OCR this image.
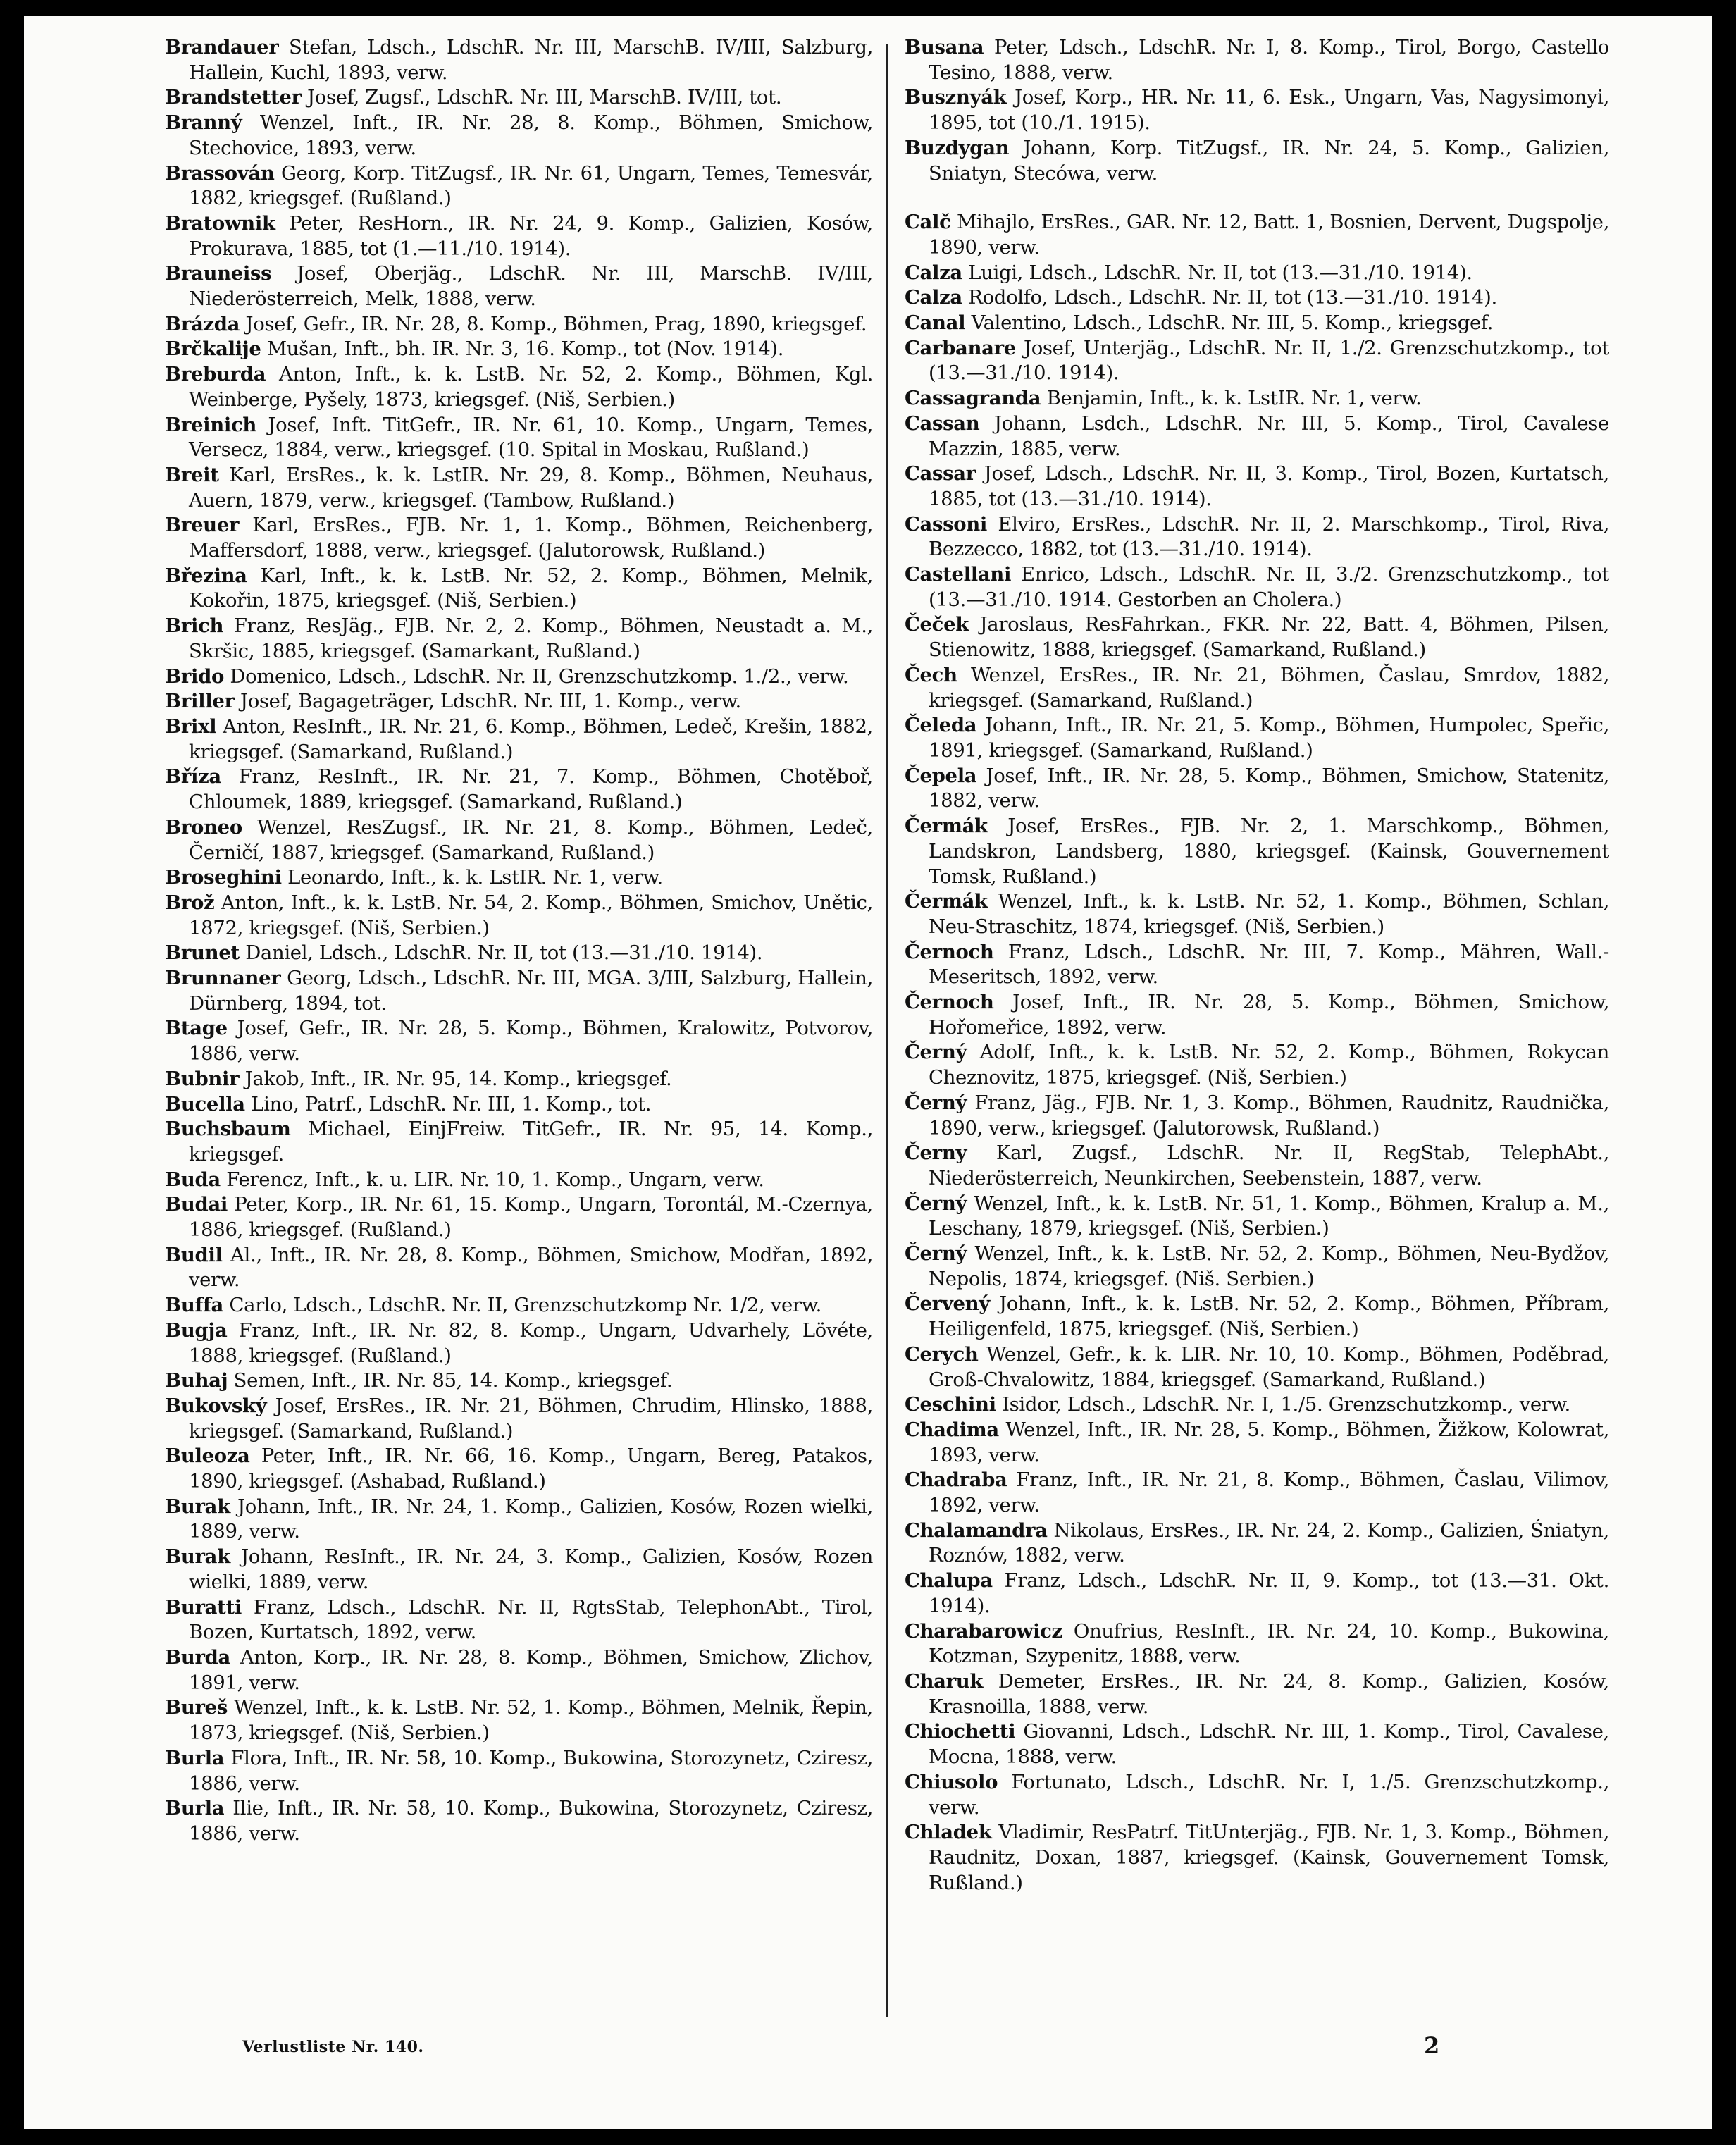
Brandauer Stefan, Ldsch., LdschR. Nr. III, MarschB. IV/III, Salzburg, Hallein, Kuchl, 1893, verw.

Brandstetter Josef, Zugsf., LdschR. Nr. III, MarschB. IV/III, tot.

Branný Wenzel, Inft., IR. Nr. 28, 8. Komp., Böhmen, Smichow, Stechovice, 1893, verw.

Brassován Georg, Korp. TitZugsf., IR. Nr. 61, Ungarn, Temes, Temesvár, 1882, kriegsgef. (Rußland.)

Bratownik Peter, ResHorn., IR. Nr. 24, 9. Komp., Galizien, Kosów, Prokurava, 1885, tot (1.—11./10. 1914).

Brauneiss Josef, Oberjäg., LdschR. Nr. III, MarschB. IV/III, Niederösterreich, Melk, 1888, verw.

Brázda Josef, Gefr., IR. Nr. 28, 8. Komp., Böhmen, Prag, 1890, kriegsgef.

Brčkalije Mušan, Inft., bh. IR. Nr. 3, 16. Komp., tot (Nov. 1914).

Breburda Anton, Inft., k. k. LstB. Nr. 52, 2. Komp., Böhmen, Kgl. Weinberge, Pyšely, 1873, kriegsgef. (Niš, Serbien.)

Breinich Josef, Inft. TitGefr., IR. Nr. 61, 10. Komp., Ungarn, Temes, Versecz, 1884, verw., kriegsgef. (10. Spital in Moskau, Rußland.)

Breit Karl, ErsRes., k. k. LstIR. Nr. 29, 8. Komp., Böhmen, Neuhaus, Auern, 1879, verw., kriegsgef. (Tambow, Rußland.)

Breuer Karl, ErsRes., FJB. Nr. 1, 1. Komp., Böhmen, Reichenberg, Maffersdorf, 1888, verw., kriegsgef. (Jalutorowsk, Rußland.)

Březina Karl, Inft., k. k. LstB. Nr. 52, 2. Komp., Böhmen, Melnik, Kokořin, 1875, kriegsgef. (Niš, Serbien.)

Brich Franz, ResJäg., FJB. Nr. 2, 2. Komp., Böhmen, Neustadt a. M., Skršic, 1885, kriegsgef. (Samarkant, Rußland.)

Brido Domenico, Ldsch., LdschR. Nr. II, Grenzschutzkomp. 1./2., verw.

Briller Josef, Bagageträger, LdschR. Nr. III, 1. Komp., verw.

Brixl Anton, ResInft., IR. Nr. 21, 6. Komp., Böhmen, Ledeč, Krešin, 1882, kriegsgef. (Samarkand, Rußland.)

Bříza Franz, ResInft., IR. Nr. 21, 7. Komp., Böhmen, Chotěboř, Chloumek, 1889, kriegsgef. (Samarkand, Rußland.)

Broneo Wenzel, ResZugsf., IR. Nr. 21, 8. Komp., Böhmen, Ledeč, Černičí, 1887, kriegsgef. (Samarkand, Rußland.)

Broseghini Leonardo, Inft., k. k. LstIR. Nr. 1, verw.

Brož Anton, Inft., k. k. LstB. Nr. 54, 2. Komp., Böhmen, Smichov, Unětic, 1872, kriegsgef. (Niš, Serbien.)

Brunet Daniel, Ldsch., LdschR. Nr. II, tot (13.—31./10. 1914).

Brunnaner Georg, Ldsch., LdschR. Nr. III, MGA. 3/III, Salzburg, Hallein, Dürnberg, 1894, tot.

Btage Josef, Gefr., IR. Nr. 28, 5. Komp., Böhmen, Kralowitz, Potvorov, 1886, verw.

Bubnir Jakob, Inft., IR. Nr. 95, 14. Komp., kriegsgef.

Bucella Lino, Patrf., LdschR. Nr. III, 1. Komp., tot.

Buchsbaum Michael, EinjFreiw. TitGefr., IR. Nr. 95, 14. Komp., kriegsgef.

Buda Ferencz, Inft., k. u. LIR. Nr. 10, 1. Komp., Ungarn, verw.

Budai Peter, Korp., IR. Nr. 61, 15. Komp., Ungarn, Torontál, M.-Czernya, 1886, kriegsgef. (Rußland.)

Budil Al., Inft., IR. Nr. 28, 8. Komp., Böhmen, Smichow, Modřan, 1892, verw.

Buffa Carlo, Ldsch., LdschR. Nr. II, Grenzschutzkomp Nr. 1/2, verw.

Bugja Franz, Inft., IR. Nr. 82, 8. Komp., Ungarn, Udvarhely, Lövéte, 1888, kriegsgef. (Rußland.)

Buhaj Semen, Inft., IR. Nr. 85, 14. Komp., kriegsgef.

Bukovský Josef, ErsRes., IR. Nr. 21, Böhmen, Chrudim, Hlinsko, 1888, kriegsgef. (Samarkand, Rußland.)

Buleoza Peter, Inft., IR. Nr. 66, 16. Komp., Ungarn, Bereg, Patakos, 1890, kriegsgef. (Ashabad, Rußland.)

Burak Johann, Inft., IR. Nr. 24, 1. Komp., Galizien, Kosów, Rozen wielki, 1889, verw.

Burak Johann, ResInft., IR. Nr. 24, 3. Komp., Galizien, Kosów, Rozen wielki, 1889, verw.

Buratti Franz, Ldsch., LdschR. Nr. II, RgtsStab, TelephonAbt., Tirol, Bozen, Kurtatsch, 1892, verw.

Burda Anton, Korp., IR. Nr. 28, 8. Komp., Böhmen, Smichow, Zlichov, 1891, verw.

Bureš Wenzel, Inft., k. k. LstB. Nr. 52, 1. Komp., Böhmen, Melnik, Řepin, 1873, kriegsgef. (Niš, Serbien.)

Burla Flora, Inft., IR. Nr. 58, 10. Komp., Bukowina, Storozynetz, Cziresz, 1886, verw.

Burla Ilie, Inft., IR. Nr. 58, 10. Komp., Bukowina, Storozynetz, Cziresz, 1886, verw.

Busana Peter, Ldsch., LdschR. Nr. I, 8. Komp., Tirol, Borgo, Castello Tesino, 1888, verw.

Busznyák Josef, Korp., HR. Nr. 11, 6. Esk., Ungarn, Vas, Nagysimonyi, 1895, tot (10./1. 1915).

Buzdygan Johann, Korp. TitZugsf., IR. Nr. 24, 5. Komp., Galizien, Sniatyn, Stecówa, verw.

Calč Mihajlo, ErsRes., GAR. Nr. 12, Batt. 1, Bosnien, Dervent, Dugspolje, 1890, verw.

Calza Luigi, Ldsch., LdschR. Nr. II, tot (13.—31./10. 1914).

Calza Rodolfo, Ldsch., LdschR. Nr. II, tot (13.—31./10. 1914).

Canal Valentino, Ldsch., LdschR. Nr. III, 5. Komp., kriegsgef.

Carbanare Josef, Unterjäg., LdschR. Nr. II, 1./2. Grenzschutzkomp., tot (13.—31./10. 1914).

Cassagranda Benjamin, Inft., k. k. LstIR. Nr. 1, verw.

Cassan Johann, Lsdch., LdschR. Nr. III, 5. Komp., Tirol, Cavalese Mazzin, 1885, verw.

Cassar Josef, Ldsch., LdschR. Nr. II, 3. Komp., Tirol, Bozen, Kurtatsch, 1885, tot (13.—31./10. 1914).

Cassoni Elviro, ErsRes., LdschR. Nr. II, 2. Marschkomp., Tirol, Riva, Bezzecco, 1882, tot (13.—31./10. 1914).

Castellani Enrico, Ldsch., LdschR. Nr. II, 3./2. Grenzschutzkomp., tot (13.—31./10. 1914. Gestorben an Cholera.)

Čeček Jaroslaus, ResFahrkan., FKR. Nr. 22, Batt. 4, Böhmen, Pilsen, Stienowitz, 1888, kriegsgef. (Samarkand, Rußland.)

Čech Wenzel, ErsRes., IR. Nr. 21, Böhmen, Časlau, Smrdov, 1882, kriegsgef. (Samarkand, Rußland.)

Čeleda Johann, Inft., IR. Nr. 21, 5. Komp., Böhmen, Humpolec, Speřic, 1891, kriegsgef. (Samarkand, Rußland.)

Čepela Josef, Inft., IR. Nr. 28, 5. Komp., Böhmen, Smichow, Statenitz, 1882, verw.

Čermák Josef, ErsRes., FJB. Nr. 2, 1. Marschkomp., Böhmen, Landskron, Landsberg, 1880, kriegsgef. (Kainsk, Gouvernement Tomsk, Rußland.)

Čermák Wenzel, Inft., k. k. LstB. Nr. 52, 1. Komp., Böhmen, Schlan, Neu-Straschitz, 1874, kriegsgef. (Niš, Serbien.)

Černoch Franz, Ldsch., LdschR. Nr. III, 7. Komp., Mähren, Wall.-Meseritsch, 1892, verw.

Černoch Josef, Inft., IR. Nr. 28, 5. Komp., Böhmen, Smichow, Hořomeřice, 1892, verw.

Černý Adolf, Inft., k. k. LstB. Nr. 52, 2. Komp., Böhmen, Rokycan Cheznovitz, 1875, kriegsgef. (Niš, Serbien.)

Černý Franz, Jäg., FJB. Nr. 1, 3. Komp., Böhmen, Raudnitz, Raudnička, 1890, verw., kriegsgef. (Jalutorowsk, Rußland.)

Černy Karl, Zugsf., LdschR. Nr. II, RegStab, TelephAbt., Niederösterreich, Neunkirchen, Seebenstein, 1887, verw.

Černý Wenzel, Inft., k. k. LstB. Nr. 51, 1. Komp., Böhmen, Kralup a. M., Leschany, 1879, kriegsgef. (Niš, Serbien.)

Černý Wenzel, Inft., k. k. LstB. Nr. 52, 2. Komp., Böhmen, Neu-Bydžov, Nepolis, 1874, kriegsgef. (Niš. Serbien.)

Červený Johann, Inft., k. k. LstB. Nr. 52, 2. Komp., Böhmen, Příbram, Heiligenfeld, 1875, kriegsgef. (Niš, Serbien.)

Cerych Wenzel, Gefr., k. k. LIR. Nr. 10, 10. Komp., Böhmen, Poděbrad, Groß-Chvalowitz, 1884, kriegsgef. (Samarkand, Rußland.)

Ceschini Isidor, Ldsch., LdschR. Nr. I, 1./5. Grenzschutzkomp., verw.

Chadima Wenzel, Inft., IR. Nr. 28, 5. Komp., Böhmen, Žižkow, Kolowrat, 1893, verw.

Chadraba Franz, Inft., IR. Nr. 21, 8. Komp., Böhmen, Časlau, Vilimov, 1892, verw.

Chalamandra Nikolaus, ErsRes., IR. Nr. 24, 2. Komp., Galizien, Śniatyn, Roznów, 1882, verw.

Chalupa Franz, Ldsch., LdschR. Nr. II, 9. Komp., tot (13.—31. Okt. 1914).

Charabarowicz Onufrius, ResInft., IR. Nr. 24, 10. Komp., Bukowina, Kotzman, Szypenitz, 1888, verw.

Charuk Demeter, ErsRes., IR. Nr. 24, 8. Komp., Galizien, Kosów, Krasnoilla, 1888, verw.

Chiochetti Giovanni, Ldsch., LdschR. Nr. III, 1. Komp., Tirol, Cavalese, Mocna, 1888, verw.

Chiusolo Fortunato, Ldsch., LdschR. Nr. I, 1./5. Grenzschutzkomp., verw.

Chladek Vladimir, ResPatrf. TitUnterjäg., FJB. Nr. 1, 3. Komp., Böhmen, Raudnitz, Doxan, 1887, kriegsgef. (Kainsk, Gouvernement Tomsk, Rußland.)

Verlustliste Nr. 140.	2
